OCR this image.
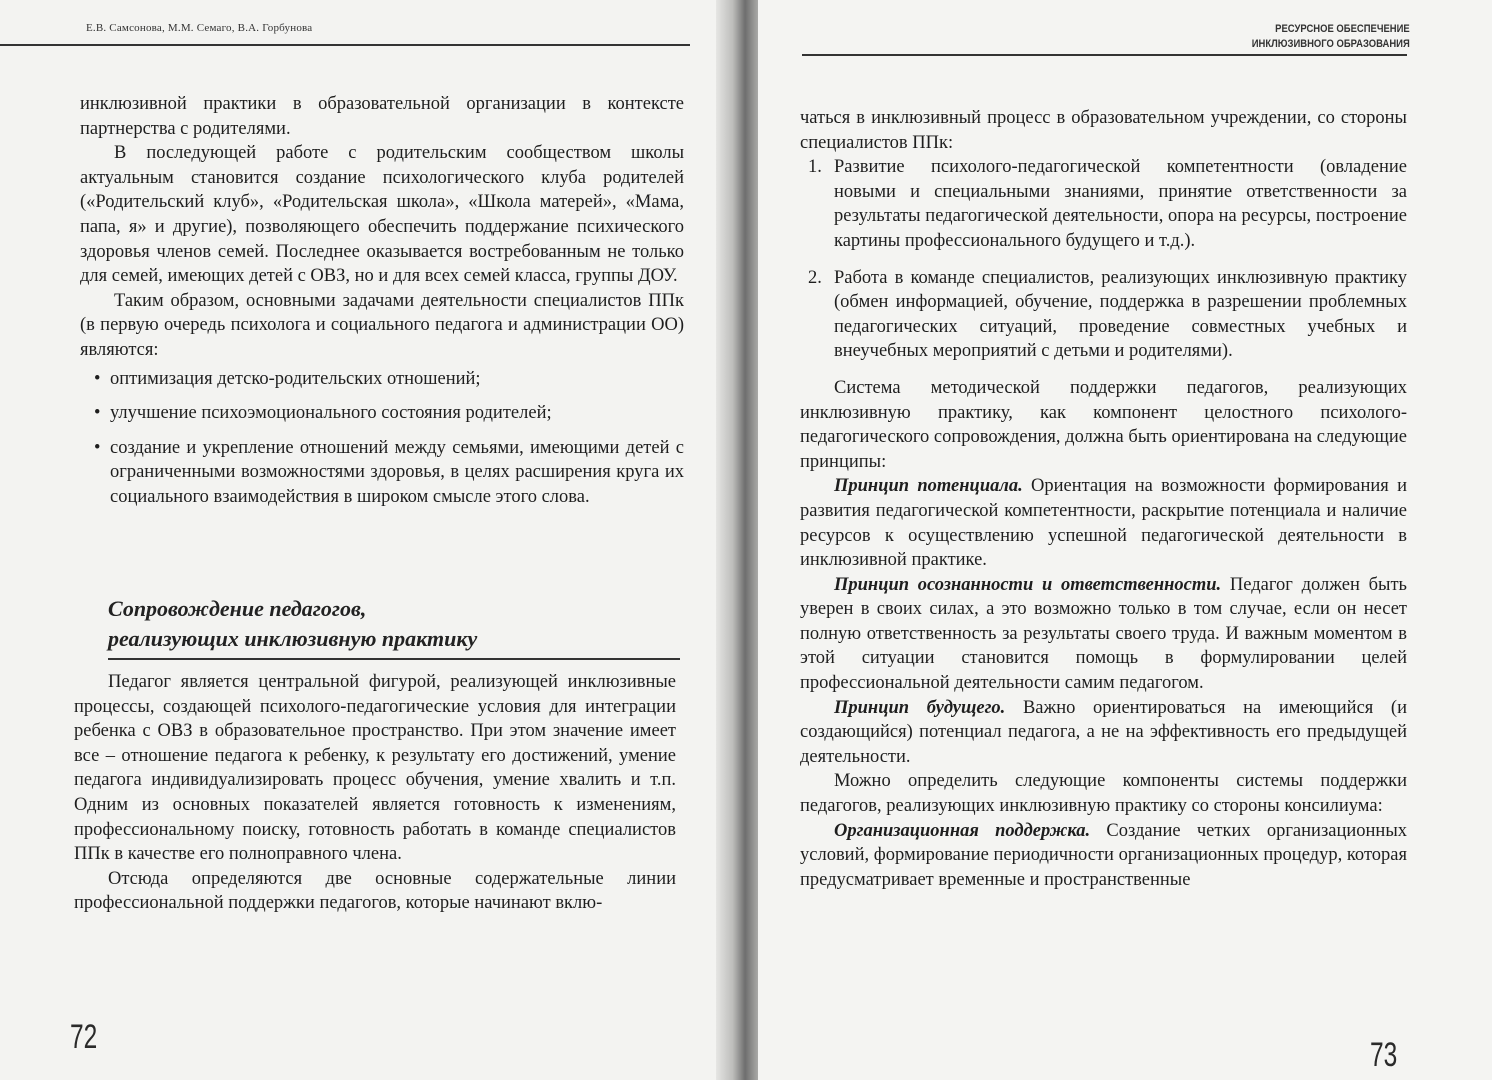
Е.В. Самсонова, М.М. Семаго, В.А. Горбунова

инклюзивной практики в образовательной организации в контексте партнерства с родителями.

В последующей работе с родительским сообществом школы актуальным становится создание психологического клуба родителей («Родительский клуб», «Родительская школа», «Школа матерей», «Мама, папа, я» и другие), позволяющего обеспечить поддержание психического здоровья членов семей. Последнее оказывается востребованным не только для семей, имеющих детей с ОВЗ, но и для всех семей класса, группы ДОУ.

Таким образом, основными задачами деятельности специалистов ППк (в первую очередь психолога и социального педагога и администрации ОО) являются:

• оптимизация детско-родительских отношений;
• улучшение психоэмоционального состояния родителей;
• создание и укрепление отношений между семьями, имеющими детей с ограниченными возможностями здоровья, в целях расширения круга их социального взаимодействия в широком смысле этого слова.
Сопровождение педагогов,
реализующих инклюзивную практику

Педагог является центральной фигурой, реализующей инклюзивные процессы, создающей психолого-педагогические условия для интеграции ребенка с ОВЗ в образовательное пространство. При этом значение имеет все – отношение педагога к ребенку, к результату его достижений, умение педагога индивидуализировать процесс обучения, умение хвалить и т.п. Одним из основных показателей является готовность к изменениям, профессиональному поиску, готовность работать в команде специалистов ППк в качестве его полноправного члена.

Отсюда определяются две основные содержательные линии профессиональной поддержки педагогов, которые начинают вклю-

72
РЕСУРСНОЕ ОБЕСПЕЧЕНИЕ
ИНКЛЮЗИВНОГО ОБРАЗОВАНИЯ

чаться в инклюзивный процесс в образовательном учреждении, со стороны специалистов ППк:

1. Развитие психолого-педагогической компетентности (овладение новыми и специальными знаниями, принятие ответственности за результаты педагогической деятельности, опора на ресурсы, построение картины профессионального будущего и т.д.).
2. Работа в команде специалистов, реализующих инклюзивную практику (обмен информацией, обучение, поддержка в разрешении проблемных педагогических ситуаций, проведение совместных учебных и внеучебных мероприятий с детьми и родителями).

Система методической поддержки педагогов, реализующих инклюзивную практику, как компонент целостного психолого-педагогического сопровождения, должна быть ориентирована на следующие принципы:

Принцип потенциала. Ориентация на возможности формирования и развития педагогической компетентности, раскрытие потенциала и наличие ресурсов к осуществлению успешной педагогической деятельности в инклюзивной практике.

Принцип осознанности и ответственности. Педагог должен быть уверен в своих силах, а это возможно только в том случае, если он несет полную ответственность за результаты своего труда. И важным моментом в этой ситуации становится помощь в формулировании целей профессиональной деятельности самим педагогом.

Принцип будущего. Важно ориентироваться на имеющийся (и создающийся) потенциал педагога, а не на эффективность его предыдущей деятельности.

Можно определить следующие компоненты системы поддержки педагогов, реализующих инклюзивную практику со стороны консилиума:

Организационная поддержка. Создание четких организационных условий, формирование периодичности организационных процедур, которая предусматривает временные и пространственные

73
